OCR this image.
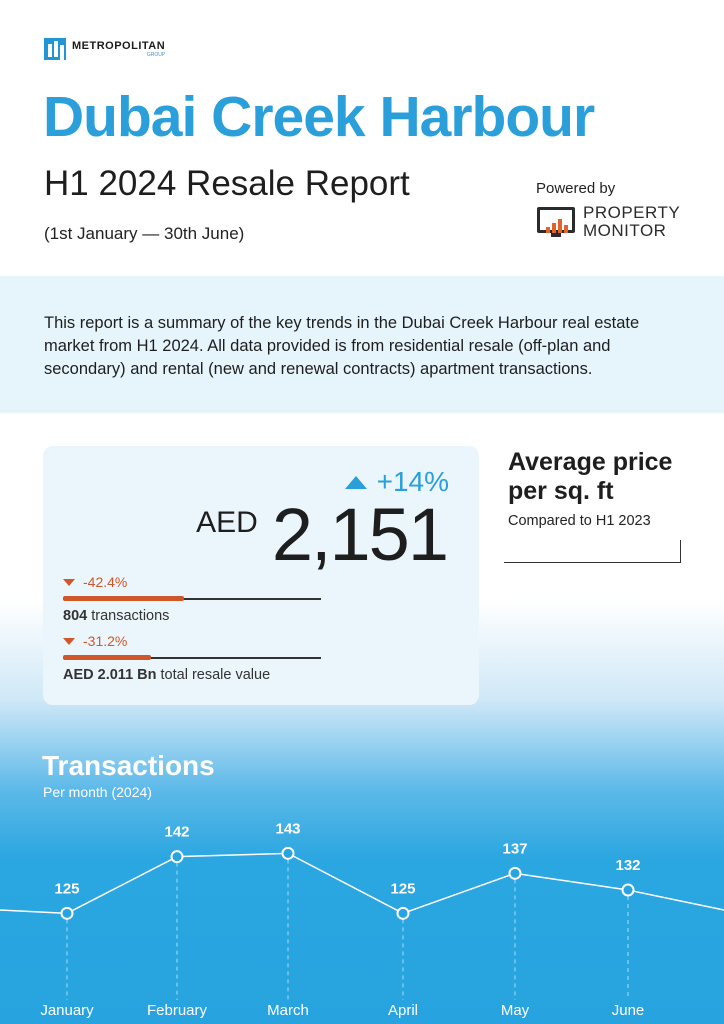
METROPOLITAN
GROUP
Dubai Creek Harbour
H1 2024 Resale Report
(1st January — 30th June)
Powered by
PROPERTY
MONITOR
This report is a summary of the key trends in the Dubai Creek Harbour real estate market from H1 2024. All data provided is from residential resale (off-plan and secondary) and rental (new and renewal contracts) apartment transactions.
+14%
AED 2,151
-42.4%
804 transactions
-31.2%
AED 2.011 Bn total resale value
Average price per sq. ft
Compared to H1 2023
Transactions
Per month (2024)
125
142	143
125
137
132
January	February	March	April	May	June
